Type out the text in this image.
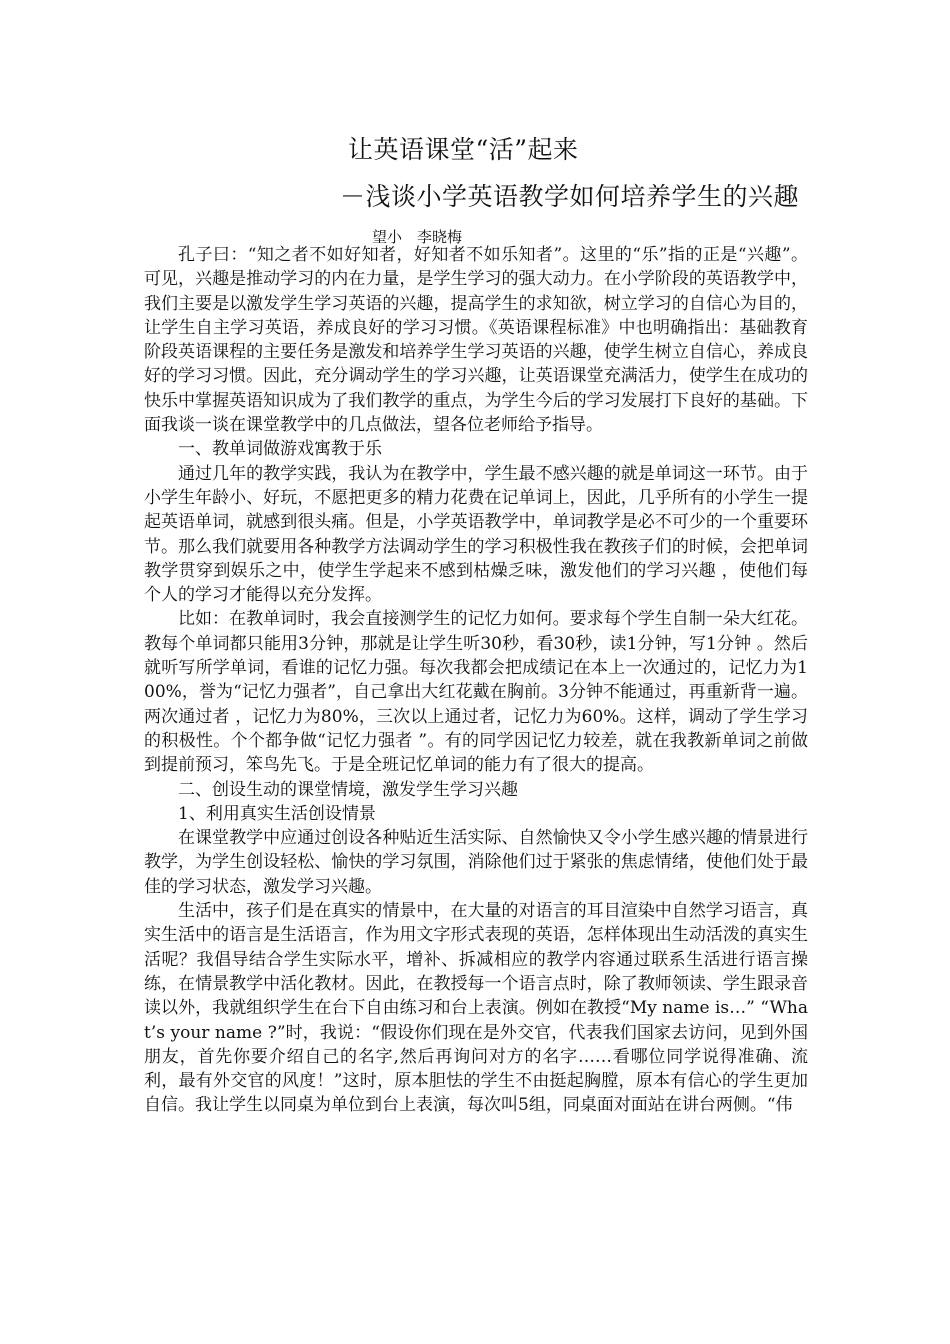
让英语课堂“活”起来
－浅谈小学英语教学如何培养学生的兴趣
望小　李晓梅

孔子曰：“知之者不如好知者，好知者不如乐知者”。这里的“乐”指的正是“兴趣”。可见，兴趣是推动学习的内在力量，是学生学习的强大动力。在小学阶段的英语教学中，我们主要是以激发学生学习英语的兴趣，提高学生的求知欲，树立学习的自信心为目的，让学生自主学习英语，养成良好的学习习惯。《英语课程标准》中也明确指出：基础教育阶段英语课程的主要任务是激发和培养学生学习英语的兴趣，使学生树立自信心，养成良好的学习习惯。因此，充分调动学生的学习兴趣，让英语课堂充满活力，使学生在成功的快乐中掌握英语知识成为了我们教学的重点，为学生今后的学习发展打下良好的基础。下面我谈一谈在课堂教学中的几点做法，望各位老师给予指导。

一、教单词做游戏寓教于乐

通过几年的教学实践，我认为在教学中，学生最不感兴趣的就是单词这一环节。由于小学生年龄小、好玩，不愿把更多的精力花费在记单词上，因此，几乎所有的小学生一提起英语单词，就感到很头痛。但是，小学英语教学中，单词教学是必不可少的一个重要环节。那么我们就要用各种教学方法调动学生的学习积极性我在教孩子们的时候，会把单词教学贯穿到娱乐之中，使学生学起来不感到枯燥乏味，激发他们的学习兴趣 ，使他们每个人的学习才能得以充分发挥。

比如：在教单词时，我会直接测学生的记忆力如何。要求每个学生自制一朵大红花。教每个单词都只能用3分钟，那就是让学生听30秒，看30秒，读1分钟，写1分钟 。然后就听写所学单词，看谁的记忆力强。每次我都会把成绩记在本上一次通过的，记忆力为100%，誉为“记忆力强者”，自己拿出大红花戴在胸前。3分钟不能通过，再重新背一遍。两次通过者 ，记忆力为80%，三次以上通过者，记忆力为60%。这样，调动了学生学习的积极性。个个都争做“记忆力强者 ”。有的同学因记忆力较差，就在我教新单词之前做到提前预习，笨鸟先飞。于是全班记忆单词的能力有了很大的提高。

二、创设生动的课堂情境，激发学生学习兴趣

1、利用真实生活创设情景

在课堂教学中应通过创设各种贴近生活实际、自然愉快又令小学生感兴趣的情景进行教学，为学生创设轻松、愉快的学习氛围，消除他们过于紧张的焦虑情绪，使他们处于最佳的学习状态，激发学习兴趣。

生活中，孩子们是在真实的情景中，在大量的对语言的耳目渲染中自然学习语言，真实生活中的语言是生活语言，作为用文字形式表现的英语，怎样体现出生动活泼的真实生活呢？我倡导结合学生实际水平，增补、拆减相应的教学内容通过联系生活进行语言操练，在情景教学中活化教材。因此，在教授每一个语言点时，除了教师领读、学生跟录音读以外，我就组织学生在台下自由练习和台上表演。例如在教授“My name is…” “What’s your name ?”时，我说：“假设你们现在是外交官，代表我们国家去访问，见到外国朋友，首先你要介绍自己的名字,然后再询问对方的名字……看哪位同学说得准确、流利，最有外交官的风度！”这时，原本胆怯的学生不由挺起胸膛，原本有信心的学生更加自信。我让学生以同桌为单位到台上表演，每次叫5组，同桌面对面站在讲台两侧。“伟
